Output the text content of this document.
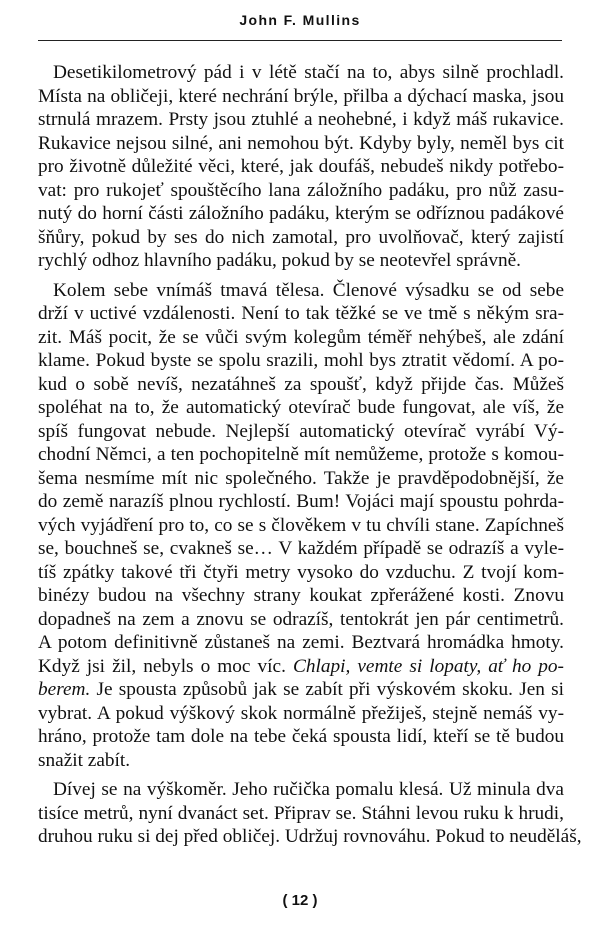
John F. Mullins
Desetikilometrový pád i v létě stačí na to, abys silně prochladl.
Místa na obličeji, které nechrání brýle, přilba a dýchací maska, jsou
strnulá mrazem. Prsty jsou ztuhlé a neohebné, i když máš rukavice.
Rukavice nejsou silné, ani nemohou být. Kdyby byly, neměl bys cit
pro životně důležité věci, které, jak doufáš, nebudeš nikdy potřebo-
vat: pro rukojeť spouštěcího lana záložního padáku, pro nůž zasu-
nutý do horní části záložního padáku, kterým se odříznou padákové
šňůry, pokud by ses do nich zamotal, pro uvolňovač, který zajistí
rychlý odhoz hlavního padáku, pokud by se neotevřel správně.
Kolem sebe vnímáš tmavá tělesa. Členové výsadku se od sebe
drží v uctivé vzdálenosti. Není to tak těžké se ve tmě s někým sra-
zit. Máš pocit, že se vůči svým kolegům téměř nehýbeš, ale zdání
klame. Pokud byste se spolu srazili, mohl bys ztratit vědomí. A po-
kud o sobě nevíš, nezatáhneš za spoušť, když přijde čas. Můžeš
spoléhat na to, že automatický otevírač bude fungovat, ale víš, že
spíš fungovat nebude. Nejlepší automatický otevírač vyrábí Vý-
chodní Němci, a ten pochopitelně mít nemůžeme, protože s komou-
šema nesmíme mít nic společného. Takže je pravděpodobnější, že
do země narazíš plnou rychlostí. Bum! Vojáci mají spoustu pohrda-
vých vyjádření pro to, co se s člověkem v tu chvíli stane. Zapíchneš
se, bouchneš se, cvakneš se… V každém případě se odrazíš a vyle-
tíš zpátky takové tři čtyři metry vysoko do vzduchu. Z tvojí kom-
binézy budou na všechny strany koukat zpřerážené kosti. Znovu
dopadneš na zem a znovu se odrazíš, tentokrát jen pár centimetrů.
A potom definitivně zůstaneš na zemi. Beztvará hromádka hmoty.
Když jsi žil, nebyls o moc víc. Chlapi, vemte si lopaty, ať ho po-
berem. Je spousta způsobů jak se zabít při výskovém skoku. Jen si
vybrat. A pokud výškový skok normálně přežiješ, stejně nemáš vy-
hráno, protože tam dole na tebe čeká spousta lidí, kteří se tě budou
snažit zabít.
Dívej se na výškoměr. Jeho ručička pomalu klesá. Už minula dva
tisíce metrů, nyní dvanáct set. Připrav se. Stáhni levou ruku k hrudi,
druhou ruku si dej před obličej. Udržuj rovnováhu. Pokud to neuděláš,
( 12 )
